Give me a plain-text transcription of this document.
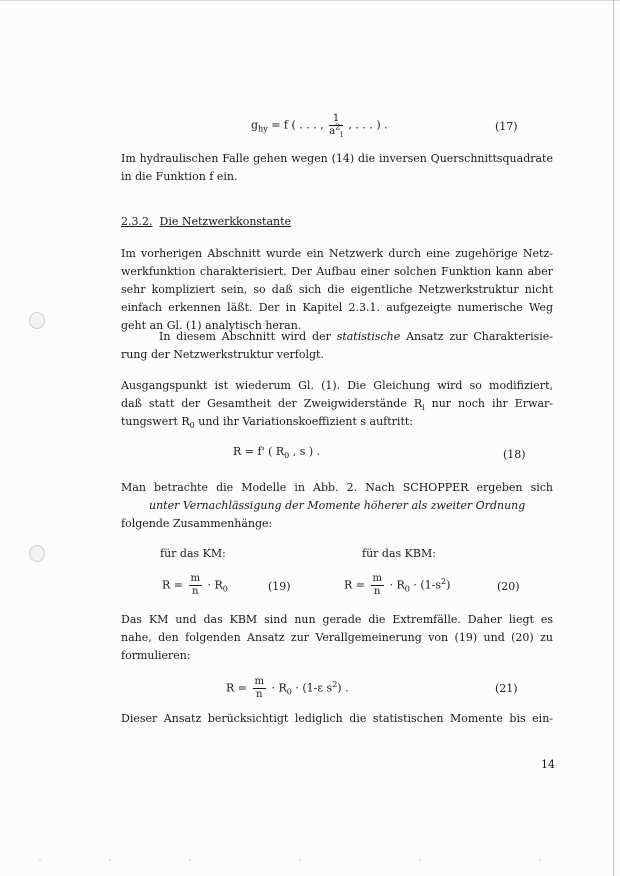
$g_{hy} = f$ ( . . . , $\frac{1}{a^2_i}$ , . . . ) .	(17)
Im hydraulischen Falle gehen wegen (14) die inversen Querschnittsquadrate
in die Funktion f ein.
2.3.2. Die Netzwerkkonstante
Im vorherigen Abschnitt wurde ein Netzwerk durch eine zugehörige Netz-
werkfunktion charakterisiert. Der Aufbau einer solchen Funktion kann aber
sehr kompliziert sein, so daß sich die eigentliche Netzwerkstruktur nicht
einfach erkennen läßt. Der in Kapitel 2.3.1. aufgezeigte numerische Weg
geht an Gl. (1) analytisch heran.
In diesem Abschnitt wird der statistische Ansatz zur Charakterisie-
rung der Netzwerkstruktur verfolgt.
Ausgangspunkt ist wiederum Gl. (1). Die Gleichung wird so modifiziert,
daß statt der Gesamtheit der Zweigwiderstände $R_i$ nur noch ihr Erwar-
tungswert $R_0$ und ihr Variationskoeffizient s auftritt:
R = f' ( $R_0$ , s ) .	(18)
Man betrachte die Modelle in Abb. 2. Nach SCHOPPER ergeben sich
unter Vernachlässigung der Momente höherer als zweiter Ordnung
folgende Zusammenhänge:
für das KM:	für das KBM:
$R = \frac{m}{n} \cdot R_0$	(19)	$R = \frac{m}{n} \cdot R_0 \cdot (1-s^2)$	(20)
Das KM und das KBM sind nun gerade die Extremfälle. Daher liegt es
nahe, den folgenden Ansatz zur Verallgemeinerung von (19) und (20) zu
formulieren:
$R = \frac{m}{n} \cdot R_0 \cdot (1-\varepsilon$ $s^2$) .	(21)
Dieser Ansatz berücksichtigt lediglich die statistischen Momente bis ein-
14
